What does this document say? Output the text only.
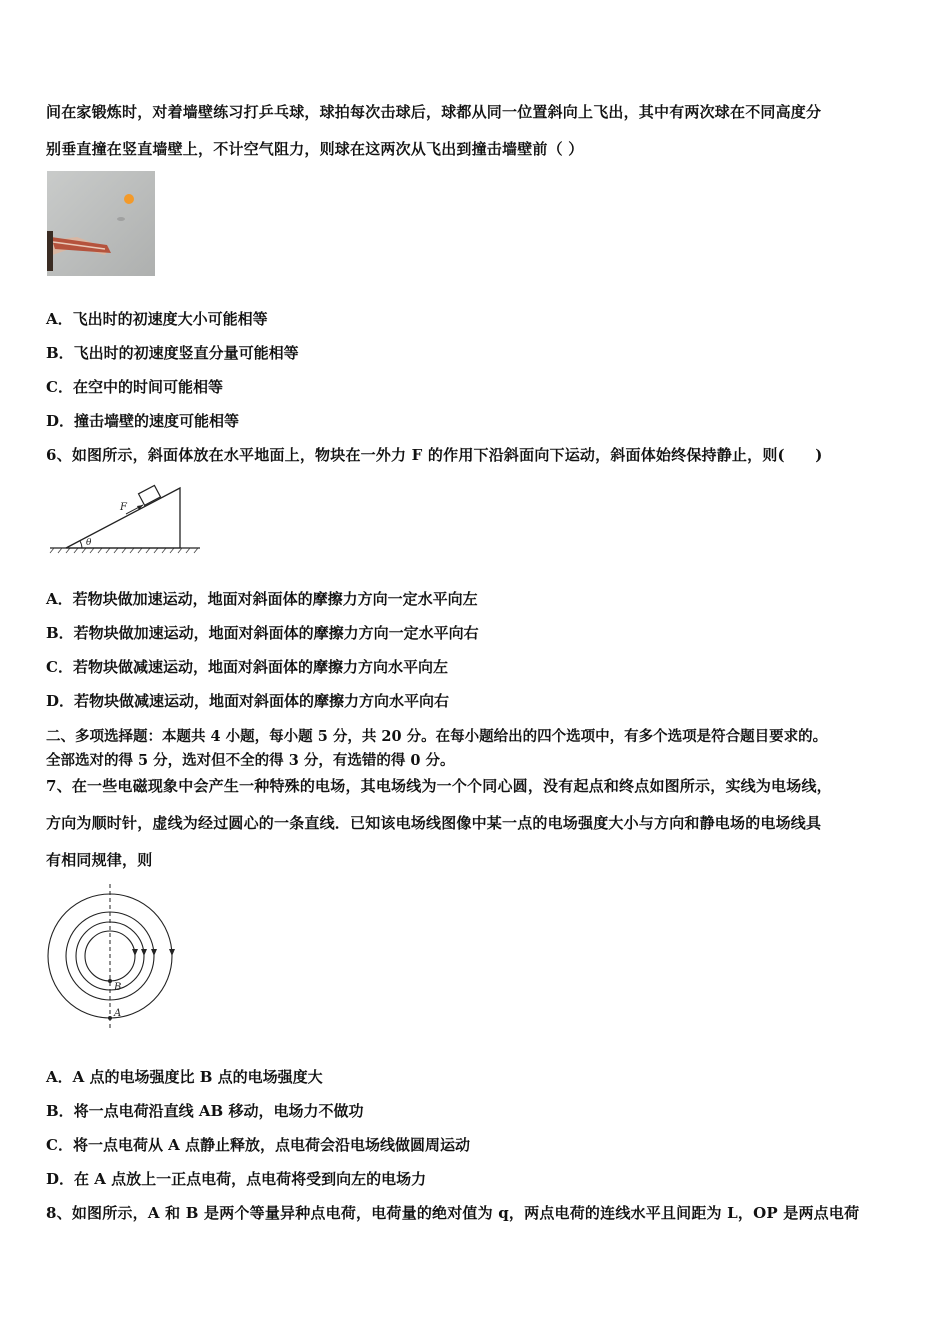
间在家锻炼时，对着墙壁练习打乒乓球，球拍每次击球后，球都从同一位置斜向上飞出，其中有两次球在不同高度分
别垂直撞在竖直墙壁上，不计空气阻力，则球在这两次从飞出到撞击墙壁前（ ）
A．飞出时的初速度大小可能相等
B．飞出时的初速度竖直分量可能相等
C．在空中的时间可能相等
D．撞击墙壁的速度可能相等
6、如图所示，斜面体放在水平地面上，物块在一外力 F 的作用下沿斜面向下运动，斜面体始终保持静止，则(　　)
F
θ
A．若物块做加速运动，地面对斜面体的摩擦力方向一定水平向左
B．若物块做加速运动，地面对斜面体的摩擦力方向一定水平向右
C．若物块做减速运动，地面对斜面体的摩擦力方向水平向左
D．若物块做减速运动，地面对斜面体的摩擦力方向水平向右
二、多项选择题：本题共 4 小题，每小题 5 分，共 20 分。在每小题给出的四个选项中，有多个选项是符合题目要求的。
全部选对的得 5 分，选对但不全的得 3 分，有选错的得 0 分。
7、在一些电磁现象中会产生一种特殊的电场，其电场线为一个个同心圆，没有起点和终点如图所示，实线为电场线，
方向为顺时针，虚线为经过圆心的一条直线．已知该电场线图像中某一点的电场强度大小与方向和静电场的电场线具
有相同规律，则
B
A
A．A 点的电场强度比 B 点的电场强度大
B．将一点电荷沿直线 AB 移动，电场力不做功
C．将一点电荷从 A 点静止释放，点电荷会沿电场线做圆周运动
D．在 A 点放上一正点电荷，点电荷将受到向左的电场力
8、如图所示，A 和 B 是两个等量异种点电荷，电荷量的绝对值为 q，两点电荷的连线水平且间距为 L，OP 是两点电荷
